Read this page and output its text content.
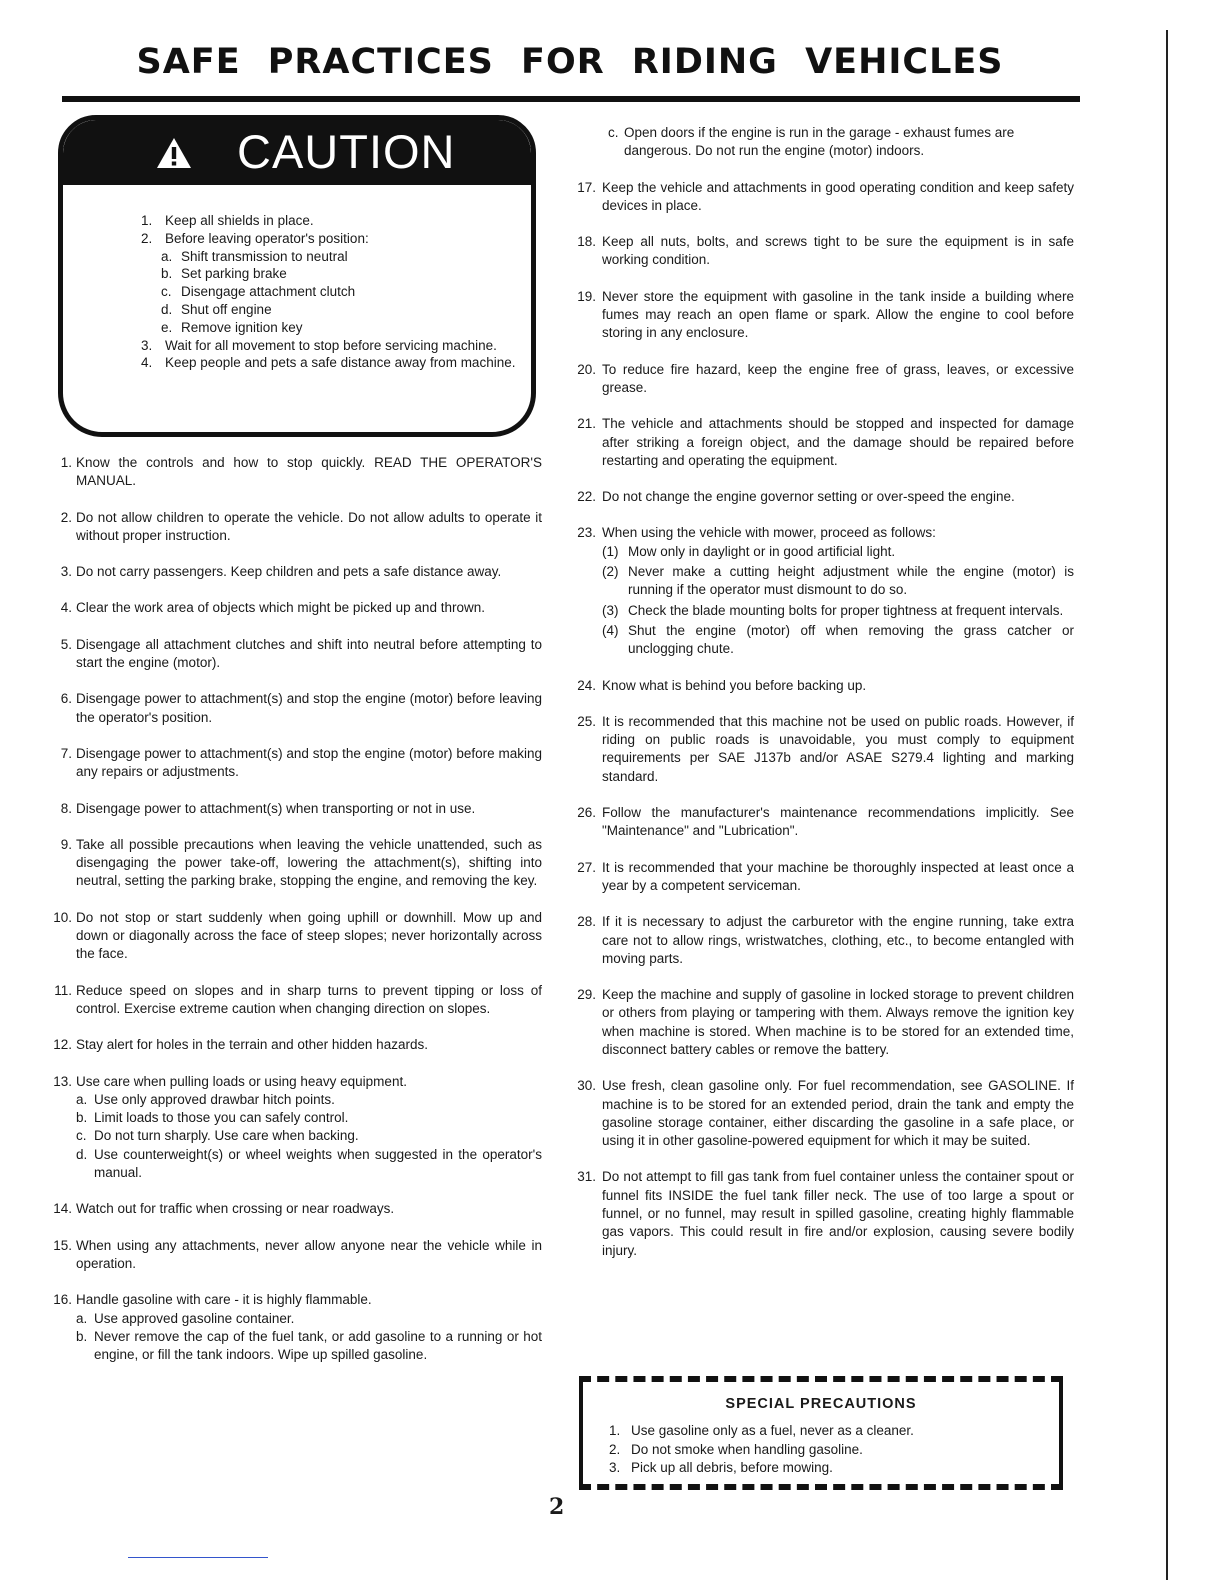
SAFE PRACTICES FOR RIDING VEHICLES
CAUTION
1. Keep all shields in place.
2. Before leaving operator's position:
a. Shift transmission to neutral
b. Set parking brake
c. Disengage attachment clutch
d. Shut off engine
e. Remove ignition key
3. Wait for all movement to stop before servicing machine.
4. Keep people and pets a safe distance away from machine.
1. Know the controls and how to stop quickly. READ THE OPERATOR'S MANUAL.
2. Do not allow children to operate the vehicle. Do not allow adults to operate it without proper instruction.
3. Do not carry passengers. Keep children and pets a safe distance away.
4. Clear the work area of objects which might be picked up and thrown.
5. Disengage all attachment clutches and shift into neutral before attempting to start the engine (motor).
6. Disengage power to attachment(s) and stop the engine (motor) before leaving the operator's position.
7. Disengage power to attachment(s) and stop the engine (motor) before making any repairs or adjustments.
8. Disengage power to attachment(s) when transporting or not in use.
9. Take all possible precautions when leaving the vehicle unattended, such as disengaging the power take-off, lowering the attachment(s), shifting into neutral, setting the parking brake, stopping the engine, and removing the key.
10. Do not stop or start suddenly when going uphill or downhill. Mow up and down or diagonally across the face of steep slopes; never horizontally across the face.
11. Reduce speed on slopes and in sharp turns to prevent tipping or loss of control. Exercise extreme caution when changing direction on slopes.
12. Stay alert for holes in the terrain and other hidden hazards.
13. Use care when pulling loads or using heavy equipment.
a. Use only approved drawbar hitch points.
b. Limit loads to those you can safely control.
c. Do not turn sharply. Use care when backing.
d. Use counterweight(s) or wheel weights when suggested in the operator's manual.
14. Watch out for traffic when crossing or near roadways.
15. When using any attachments, never allow anyone near the vehicle while in operation.
16. Handle gasoline with care - it is highly flammable.
a. Use approved gasoline container.
b. Never remove the cap of the fuel tank, or add gasoline to a running or hot engine, or fill the tank indoors. Wipe up spilled gasoline.
c. Open doors if the engine is run in the garage - exhaust fumes are dangerous. Do not run the engine (motor) indoors.
17. Keep the vehicle and attachments in good operating condition and keep safety devices in place.
18. Keep all nuts, bolts, and screws tight to be sure the equipment is in safe working condition.
19. Never store the equipment with gasoline in the tank inside a building where fumes may reach an open flame or spark. Allow the engine to cool before storing in any enclosure.
20. To reduce fire hazard, keep the engine free of grass, leaves, or excessive grease.
21. The vehicle and attachments should be stopped and inspected for damage after striking a foreign object, and the damage should be repaired before restarting and operating the equipment.
22. Do not change the engine governor setting or over-speed the engine.
23. When using the vehicle with mower, proceed as follows:
(1) Mow only in daylight or in good artificial light.
(2) Never make a cutting height adjustment while the engine (motor) is running if the operator must dismount to do so.
(3) Check the blade mounting bolts for proper tightness at frequent intervals.
(4) Shut the engine (motor) off when removing the grass catcher or unclogging chute.
24. Know what is behind you before backing up.
25. It is recommended that this machine not be used on public roads. However, if riding on public roads is unavoidable, you must comply to equipment requirements per SAE J137b and/or ASAE S279.4 lighting and marking standard.
26. Follow the manufacturer's maintenance recommendations implicitly. See "Maintenance" and "Lubrication".
27. It is recommended that your machine be thoroughly inspected at least once a year by a competent serviceman.
28. If it is necessary to adjust the carburetor with the engine running, take extra care not to allow rings, wristwatches, clothing, etc., to become entangled with moving parts.
29. Keep the machine and supply of gasoline in locked storage to prevent children or others from playing or tampering with them. Always remove the ignition key when machine is stored. When machine is to be stored for an extended time, disconnect battery cables or remove the battery.
30. Use fresh, clean gasoline only. For fuel recommendation, see GASOLINE. If machine is to be stored for an extended period, drain the tank and empty the gasoline storage container, either discarding the gasoline in a safe place, or using it in other gasoline-powered equipment for which it may be suited.
31. Do not attempt to fill gas tank from fuel container unless the container spout or funnel fits INSIDE the fuel tank filler neck. The use of too large a spout or funnel, or no funnel, may result in spilled gasoline, creating highly flammable gas vapors. This could result in fire and/or explosion, causing severe bodily injury.
SPECIAL PRECAUTIONS
1. Use gasoline only as a fuel, never as a cleaner.
2. Do not smoke when handling gasoline.
3. Pick up all debris, before mowing.
2
